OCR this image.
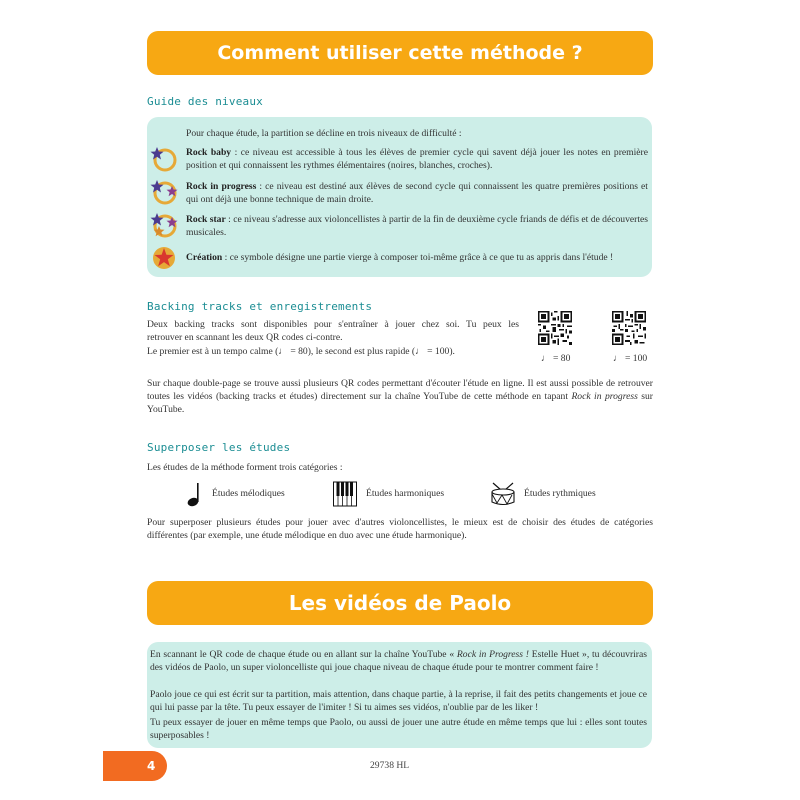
Comment utiliser cette méthode ?
Guide des niveaux
Pour chaque étude, la partition se décline en trois niveaux de difficulté :
Rock baby : ce niveau est accessible à tous les élèves de premier cycle qui savent déjà jouer les notes en première position et qui connaissent les rythmes élémentaires (noires, blanches, croches).
Rock in progress : ce niveau est destiné aux élèves de second cycle qui connaissent les quatre premières positions et qui ont déjà une bonne technique de main droite.
Rock star : ce niveau s'adresse aux violoncellistes à partir de la fin de deuxième cycle friands de défis et de découvertes musicales.
Création : ce symbole désigne une partie vierge à composer toi-même grâce à ce que tu as appris dans l'étude !
Backing tracks et enregistrements
Deux backing tracks sont disponibles pour s'entraîner à jouer chez soi. Tu peux les
retrouver en scannant les deux QR codes ci-contre.
Le premier est à un tempo calme (♩ = 80), le second est plus rapide (♩ = 100).
♩ = 80	♩ = 100
Sur chaque double-page se trouve aussi plusieurs QR codes permettant d'écouter l'étude en ligne. Il est aussi possible de retrouver toutes les vidéos (backing tracks et études) directement sur la chaîne YouTube de cette méthode en tapant Rock in progress sur YouTube.
Superposer les études
Les études de la méthode forment trois catégories :
Études mélodiques	Études harmoniques	Études rythmiques
Pour superposer plusieurs études pour jouer avec d'autres violoncellistes, le mieux est de choisir des études de catégories différentes (par exemple, une étude mélodique en duo avec une étude harmonique).
Les vidéos de Paolo
En scannant le QR code de chaque étude ou en allant sur la chaîne YouTube « Rock in Progress ! Estelle Huet », tu découvriras des vidéos de Paolo, un super violoncelliste qui joue chaque niveau de chaque étude pour te montrer comment faire !
Paolo joue ce qui est écrit sur ta partition, mais attention, dans chaque partie, à la reprise, il fait des petits changements et joue ce qui lui passe par la tête. Tu peux essayer de l'imiter ! Si tu aimes ses vidéos, n'oublie par de les liker !
Tu peux essayer de jouer en même temps que Paolo, ou aussi de jouer une autre étude en même temps que lui : elles sont toutes superposables !
4	29738 HL
